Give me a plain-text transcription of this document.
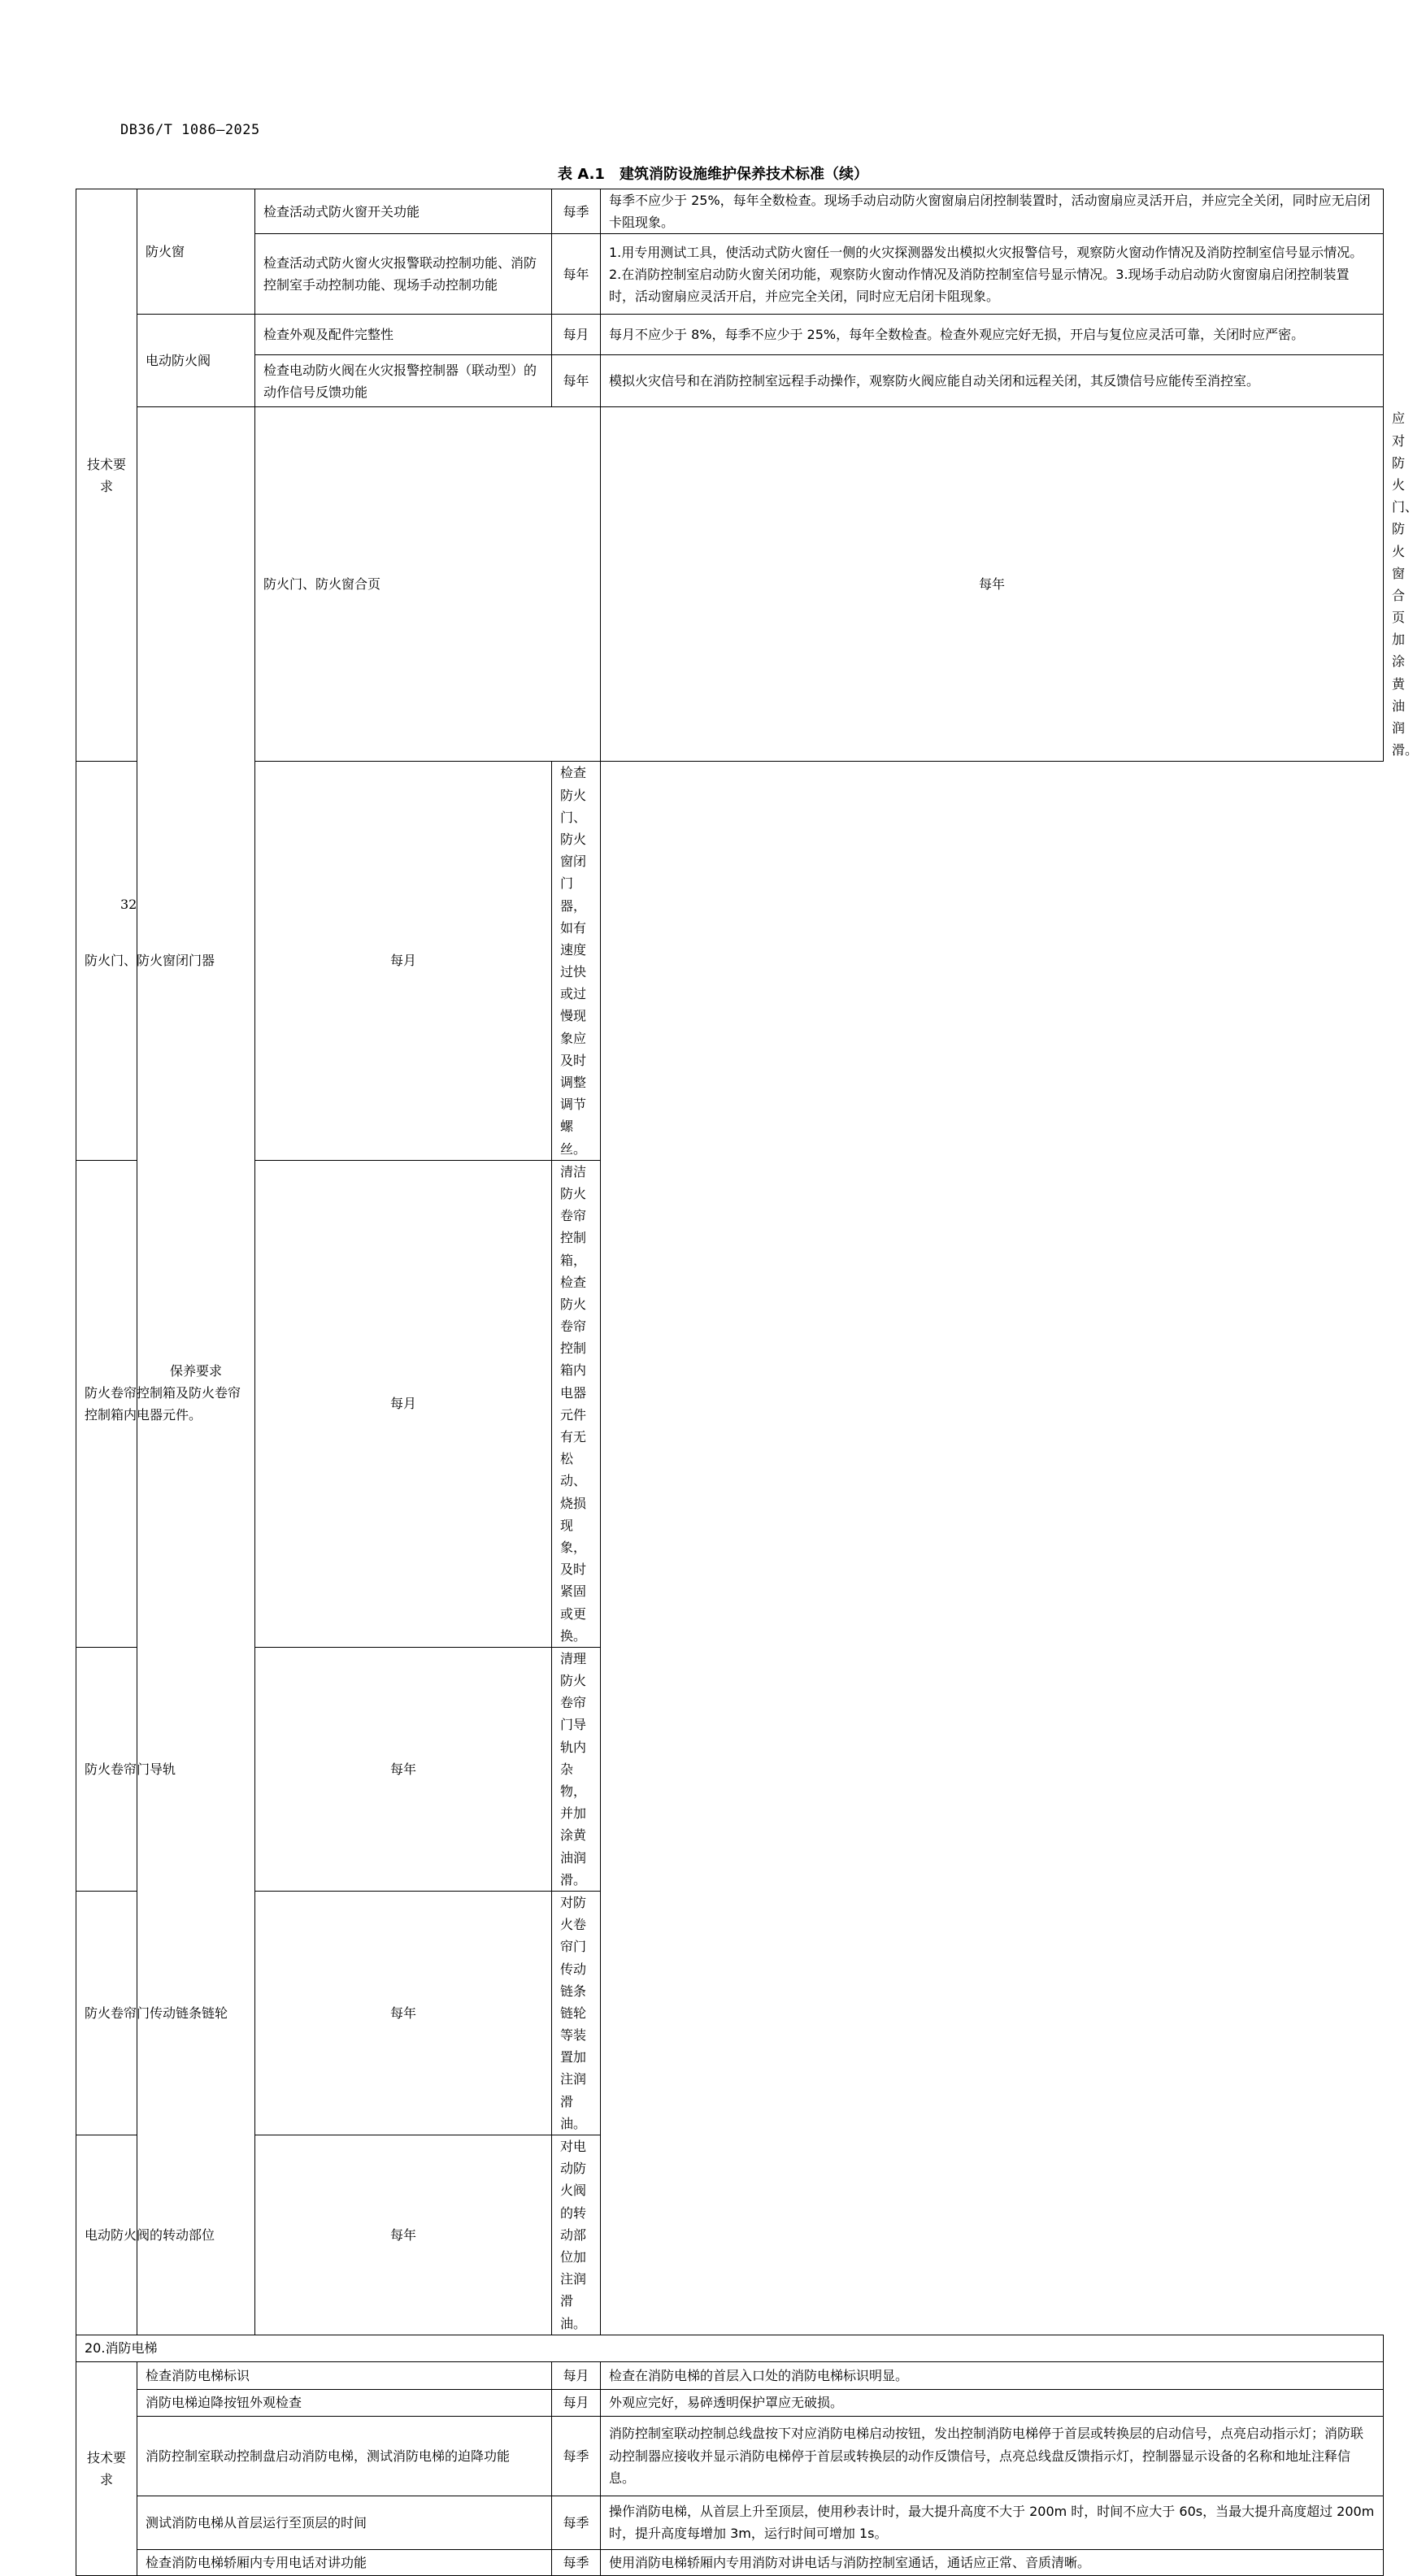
DB36/T 1086—2025
表 A.1 建筑消防设施维护保养技术标准（续）
技术要求	防火窗	检查活动式防火窗开关功能	每季	每季不应少于 25%，每年全数检查。现场手动启动防火窗窗扇启闭控制装置时，活动窗扇应灵活开启，并应完全关闭，同时应无启闭卡阻现象。	
		检查活动式防火窗火灾报警联动控制功能、消防控制室手动控制功能、现场手动控制功能	每年	1.用专用测试工具，使活动式防火窗任一侧的火灾探测器发出模拟火灾报警信号，观察防火窗动作情况及消防控制室信号显示情况。2.在消防控制室启动防火窗关闭功能，观察防火窗动作情况及消防控制室信号显示情况。3.现场手动启动防火窗窗扇启闭控制装置时，活动窗扇应灵活开启，并应完全关闭，同时应无启闭卡阻现象。	
	电动防火阀	检查外观及配件完整性	每月	每月不应少于 8%，每季不应少于 25%，每年全数检查。检查外观应完好无损，开启与复位应灵活可靠，关闭时应严密。	
		检查电动防火阀在火灾报警控制器（联动型）的动作信号反馈功能	每年	模拟火灾信号和在消防控制室远程手动操作，观察防火阀应能自动关闭和远程关闭，其反馈信号应能传至消控室。	
	保养要求	防火门、防火窗合页		每年	应对防火门、防火窗合页加涂黄油润滑。
防火门、防火窗闭门器		每月	检查防火门、防火窗闭门器，如有速度过快或过慢现象应及时调整调节螺丝。		
防火卷帘控制箱及防火卷帘控制箱内电器元件。		每月	清洁防火卷帘控制箱，检查防火卷帘控制箱内电器元件有无松动、烧损现象，及时紧固或更换。		
防火卷帘门导轨		每年	清理防火卷帘门导轨内杂物，并加涂黄油润滑。		
防火卷帘门传动链条链轮		每年	对防火卷帘门传动链条链轮等装置加注润滑油。		
电动防火阀的转动部位		每年	对电动防火阀的转动部位加注润滑油。		
20.消防电梯					
技术要求	检查消防电梯标识		每月	检查在消防电梯的首层入口处的消防电梯标识明显。	
	消防电梯迫降按钮外观检查		每月	外观应完好，易碎透明保护罩应无破损。	
	消防控制室联动控制盘启动消防电梯，测试消防电梯的迫降功能		每季	消防控制室联动控制总线盘按下对应消防电梯启动按钮，发出控制消防电梯停于首层或转换层的启动信号，点亮启动指示灯；消防联动控制器应接收并显示消防电梯停于首层或转换层的动作反馈信号，点亮总线盘反馈指示灯，控制器显示设备的名称和地址注释信息。	
	测试消防电梯从首层运行至顶层的时间		每季	操作消防电梯，从首层上升至顶层，使用秒表计时，最大提升高度不大于 200m 时，时间不应大于 60s，当最大提升高度超过 200m 时，提升高度每增加 3m，运行时间可增加 1s。	
	检查消防电梯轿厢内专用电话对讲功能		每季	使用消防电梯轿厢内专用消防对讲电话与消防控制室通话，通话应正常、音质清晰。	
32
